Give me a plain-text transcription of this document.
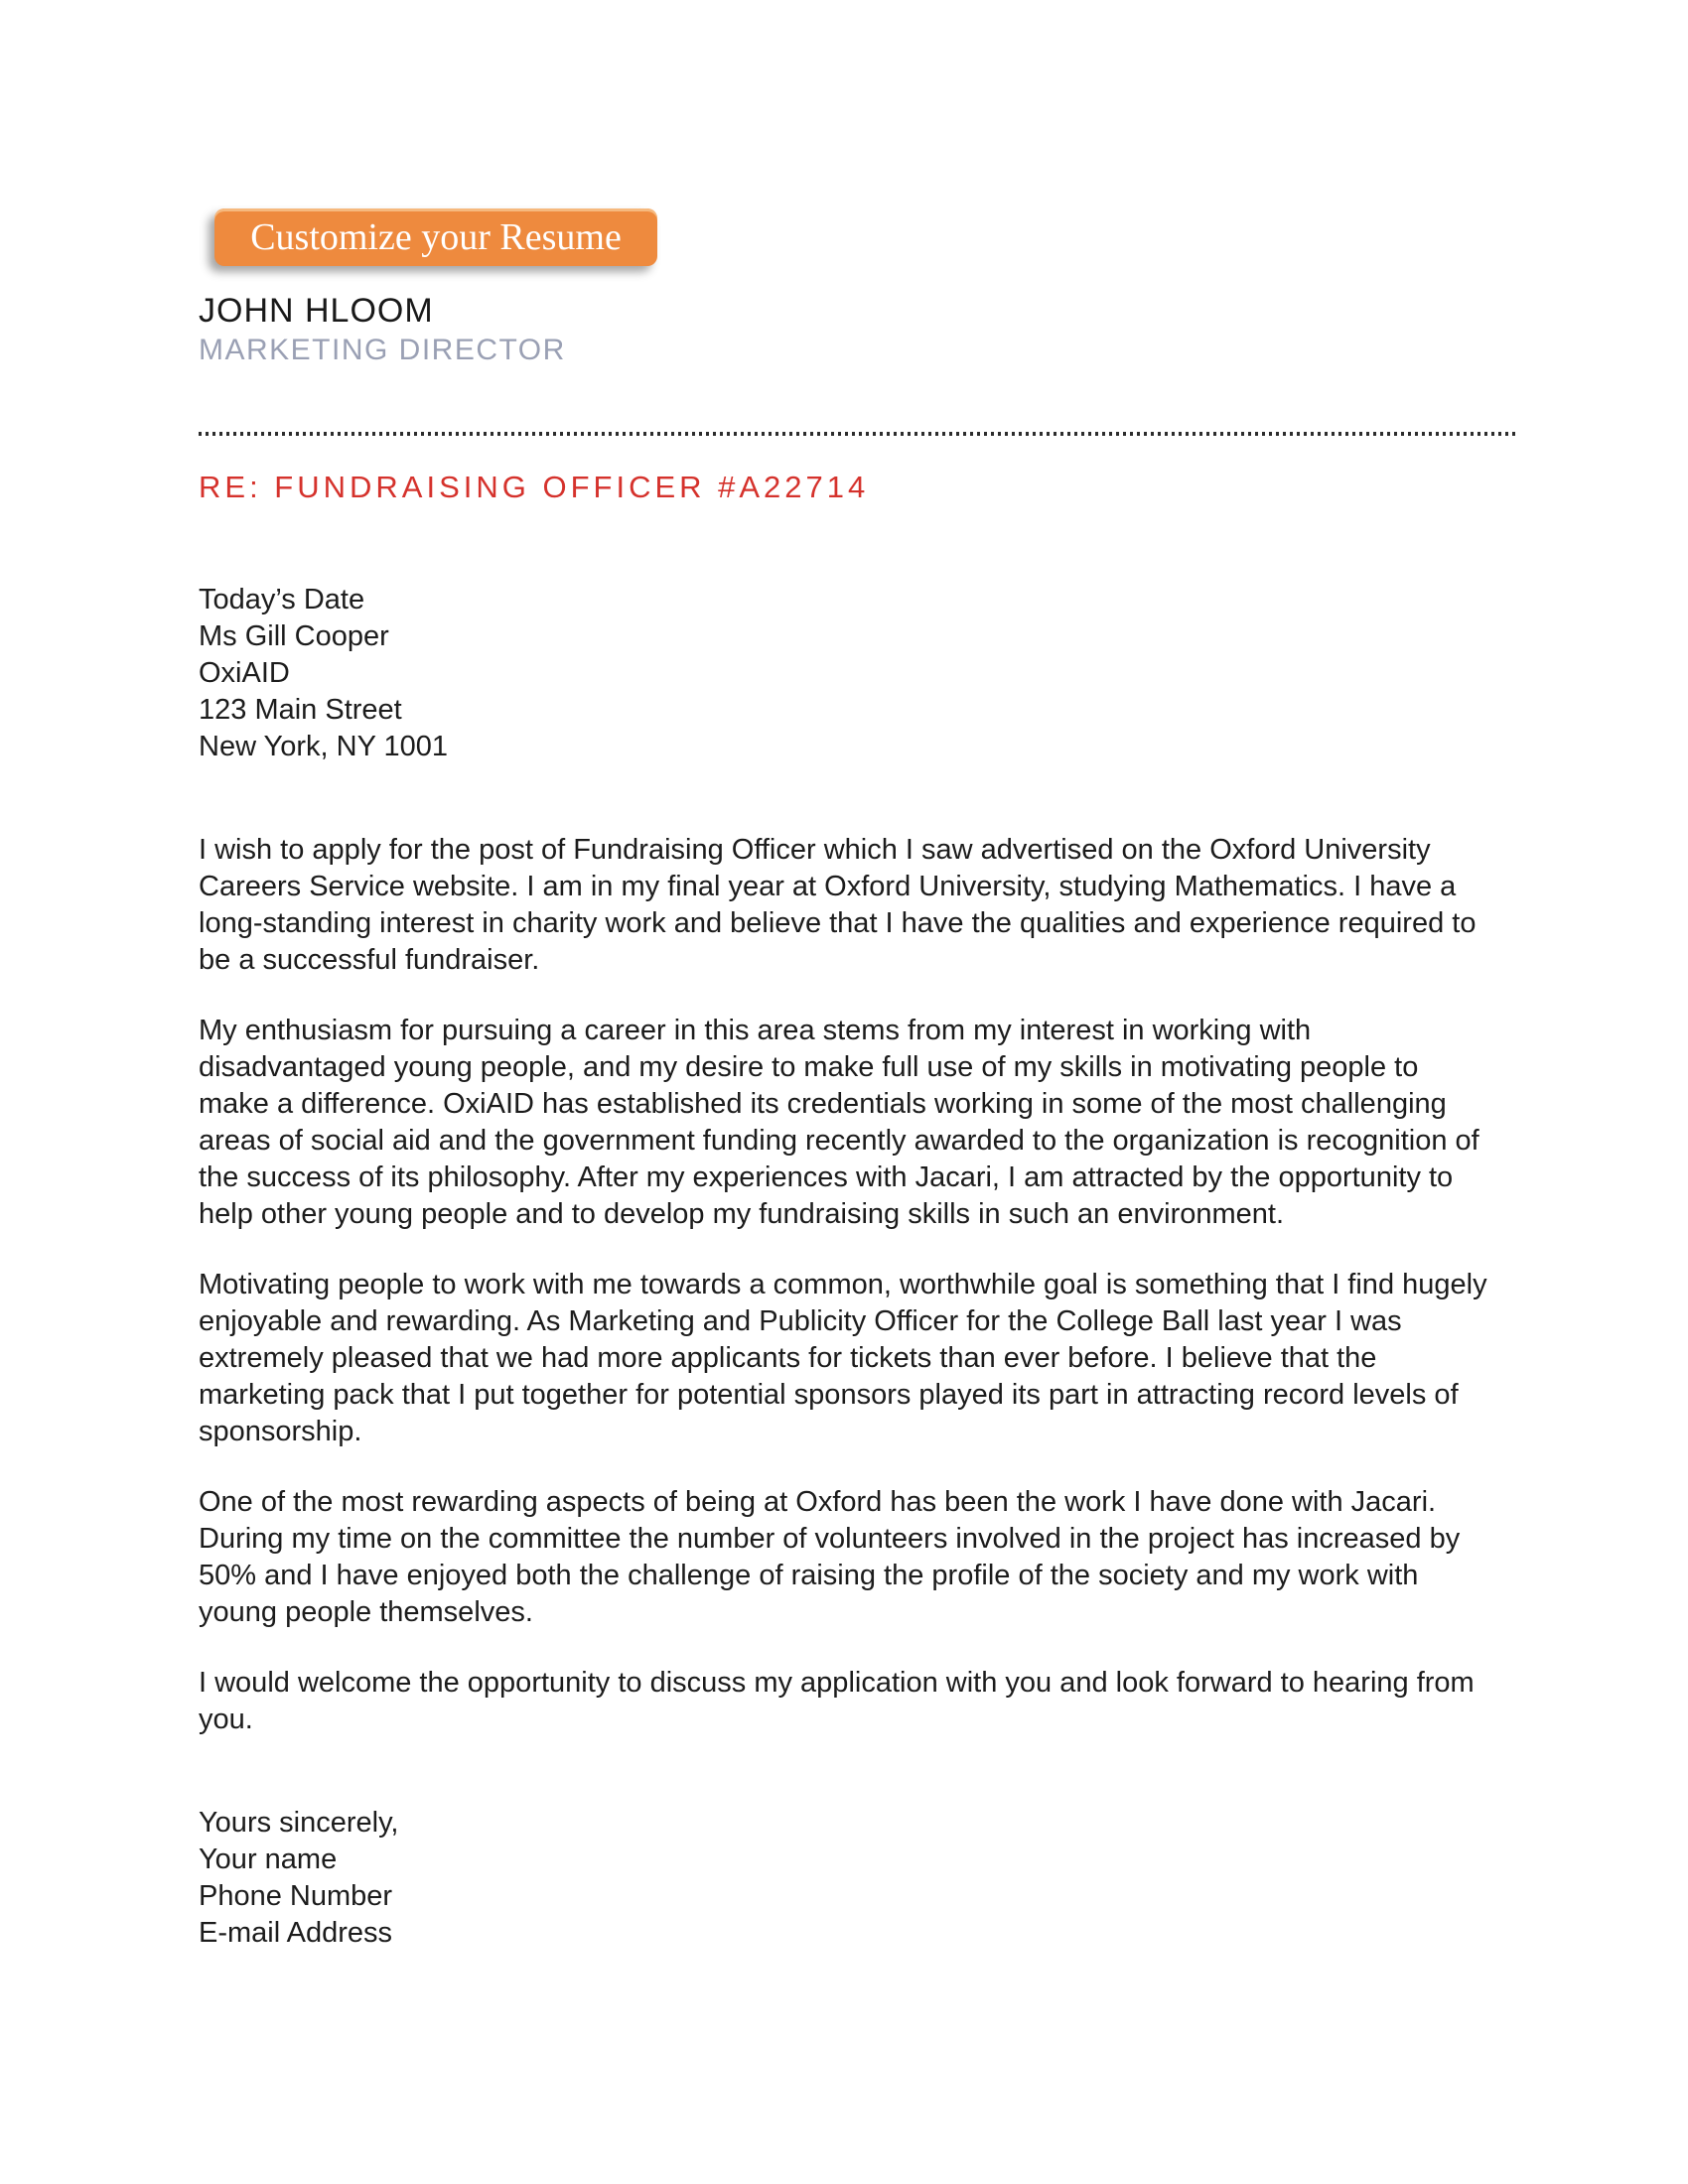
Customize your Resume
JOHN HLOOM
MARKETING DIRECTOR
RE: FUNDRAISING OFFICER #A22714
Today’s Date
Ms Gill Cooper
OxiAID
123 Main Street
New York, NY 1001

I wish to apply for the post of Fundraising Officer which I saw advertised on the Oxford University Careers Service website. I am in my final year at Oxford University, studying Mathematics. I have a long-standing interest in charity work and believe that I have the qualities and experience required to be a successful fundraiser.

My enthusiasm for pursuing a career in this area stems from my interest in working with disadvantaged young people, and my desire to make full use of my skills in motivating people to make a difference. OxiAID has established its credentials working in some of the most challenging areas of social aid and the government funding recently awarded to the organization is recognition of the success of its philosophy. After my experiences with Jacari, I am attracted by the opportunity to help other young people and to develop my fundraising skills in such an environment.

Motivating people to work with me towards a common, worthwhile goal is something that I find hugely enjoyable and rewarding. As Marketing and Publicity Officer for the College Ball last year I was extremely pleased that we had more applicants for tickets than ever before. I believe that the marketing pack that I put together for potential sponsors played its part in attracting record levels of sponsorship.

One of the most rewarding aspects of being at Oxford has been the work I have done with Jacari. During my time on the committee the number of volunteers involved in the project has increased by 50% and I have enjoyed both the challenge of raising the profile of the society and my work with young people themselves.

I would welcome the opportunity to discuss my application with you and look forward to hearing from you.

Yours sincerely,
Your name
Phone Number
E-mail Address
